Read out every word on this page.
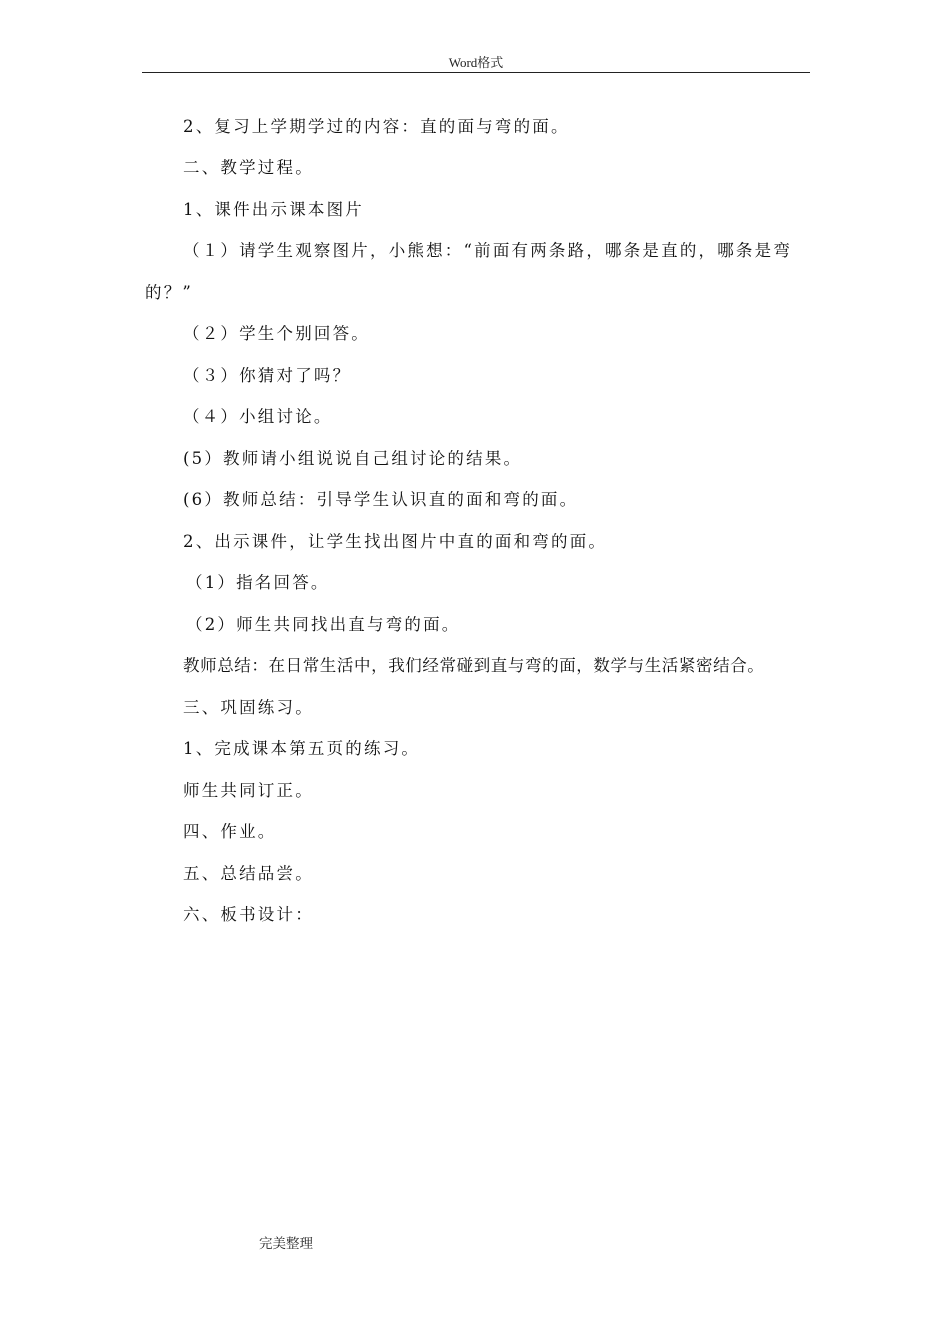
Word格式
2、复习上学期学过的内容：直的面与弯的面。
二、教学过程。
1、课件出示课本图片
（１）请学生观察图片，小熊想：“前面有两条路，哪条是直的，哪条是弯
的？”
（２）学生个别回答。
（３）你猜对了吗？
（４）小组讨论。
(5）教师请小组说说自己组讨论的结果。
(6）教师总结：引导学生认识直的面和弯的面。
2、出示课件，让学生找出图片中直的面和弯的面。
（1）指名回答。
（2）师生共同找出直与弯的面。
教师总结：在日常生活中，我们经常碰到直与弯的面，数学与生活紧密结合。
三、巩固练习。
1、完成课本第五页的练习。
师生共同订正。
四、作业。
五、总结品尝。
六、板书设计：
完美整理
